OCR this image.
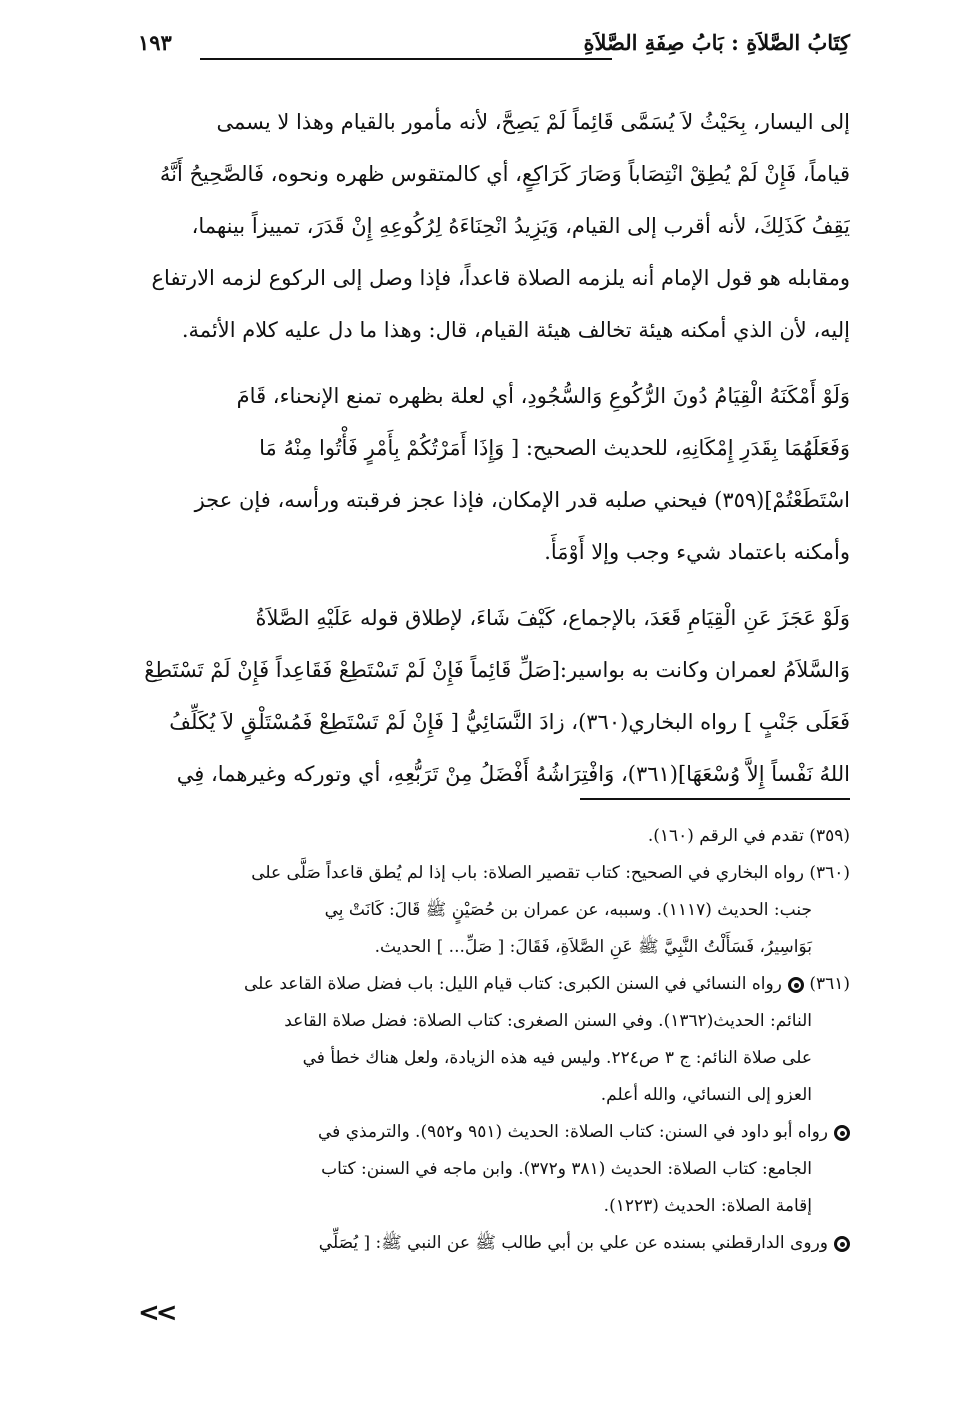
كِتَابُ الصَّلاَةِ : بَابُ صِفَةِ الصَّلاَةِ
١٩٣
إلى اليسار، بِحَيْثُ لاَ يُسَمَّى قَائِماً لَمْ يَصِحَّ، لأنه مأمور بالقيام وهذا لا يسمى
قياماً، فَإِنْ لَمْ يُطِقْ انْتِصَاباً وَصَارَ كَرَاكِعٍ، أي كالمتقوس ظهره ونحوه، فَالصَّحِيحُ أَنَّهُ
يَقِفُ كَذَلِكَ، لأنه أقرب إلى القيام، وَيَزِيدُ انْحِنَاءَهُ لِرُكُوعِهِ إِنْ قَدَرَ، تمييزاً بينهما،
ومقابله هو قول الإمام أنه يلزمه الصلاة قاعداً، فإذا وصل إلى الركوع لزمه الارتفاع
إليه، لأن الذي أمكنه هيئة تخالف هيئة القيام، قال: وهذا ما دل عليه كلام الأئمة.
وَلَوْ أَمْكَنَهُ الْقِيَامُ دُونَ الرُّكُوعِ وَالسُّجُودِ، أي لعلة بظهره تمنع الإنحناء، قَامَ
وَفَعَلَهُمَا بِقَدَرِ إِمْكَانِهِ، للحديث الصحيح: [ وَإِذَا أَمَرْتُكُمْ بِأَمْرٍ فَأْتُوا مِنْهُ مَا
اسْتَطَعْتُمْ](٣٥٩) فيحني صلبه قدر الإمكان، فإذا عجز فرقبته ورأسه، فإن عجز
وأمكنه باعتماد شيء وجب وإلا أَوْمَأَ.
وَلَوْ عَجَزَ عَنِ الْقِيَامِ قَعَدَ، بالإجماع، كَيْفَ شَاءَ، لإطلاق قوله عَلَيْهِ الصَّلاَةُ
وَالسَّلاَمُ لعمران وكانت به بواسير:[صَلِّ قَائِماً فَإِنْ لَمْ تَسْتَطِعْ فَقَاعِداً فَإِنْ لَمْ تَسْتَطِعْ
فَعَلَى جَنْبٍ ] رواه البخاري(٣٦٠)، زادَ النَّسَائِيُّ [ فَإِنْ لَمْ تَسْتَطِعْ فَمُسْتَلْقٍ لاَ يُكَلِّفُ
اللهُ نَفْساً إِلاَّ وُسْعَهَا](٣٦١)، وَافْتِرَاشُهُ أَفْضَلُ مِنْ تَرَبُّعِهِ، أي وتوركه وغيرهما، فِي
(٣٥٩) تقدم في الرقم (١٦٠).
(٣٦٠) رواه البخاري في الصحيح: كتاب تقصير الصلاة: باب إذا لم يُطق قاعداً صَلَّى على
جنب: الحديث (١١١٧). وسببه، عن عمران بن حُصَيْنٍ ﷺ قَالَ: كَانَتْ بِي
بَوَاسِيرُ، فَسَأَلْتُ النَّبِيَّ ﷺ عَنِ الصَّلاَةِ، فَقَالَ: [ صَلِّ... ] الحديث.
(٣٦١) رواه النسائي في السنن الكبرى: كتاب قيام الليل: باب فضل صلاة القاعد على
النائم: الحديث(١٣٦٢). وفي السنن الصغرى: كتاب الصلاة: فضل صلاة القاعد
على صلاة النائم: ج ٣ ص٢٢٤. وليس فيه هذه الزيادة، ولعل هناك خطأ في
العزو إلى النسائي، والله أعلم.
رواه أبو داود في السنن: كتاب الصلاة: الحديث (٩٥١ و٩٥٢). والترمذي في
الجامع: كتاب الصلاة: الحديث (٣٨١ و٣٧٢). وابن ماجه في السنن: كتاب
إقامة الصلاة: الحديث (١٢٢٣).
وروى الدارقطني بسنده عن علي بن أبي طالب ﷺ عن النبي ﷺ: [ يُصَلِّي
<<
